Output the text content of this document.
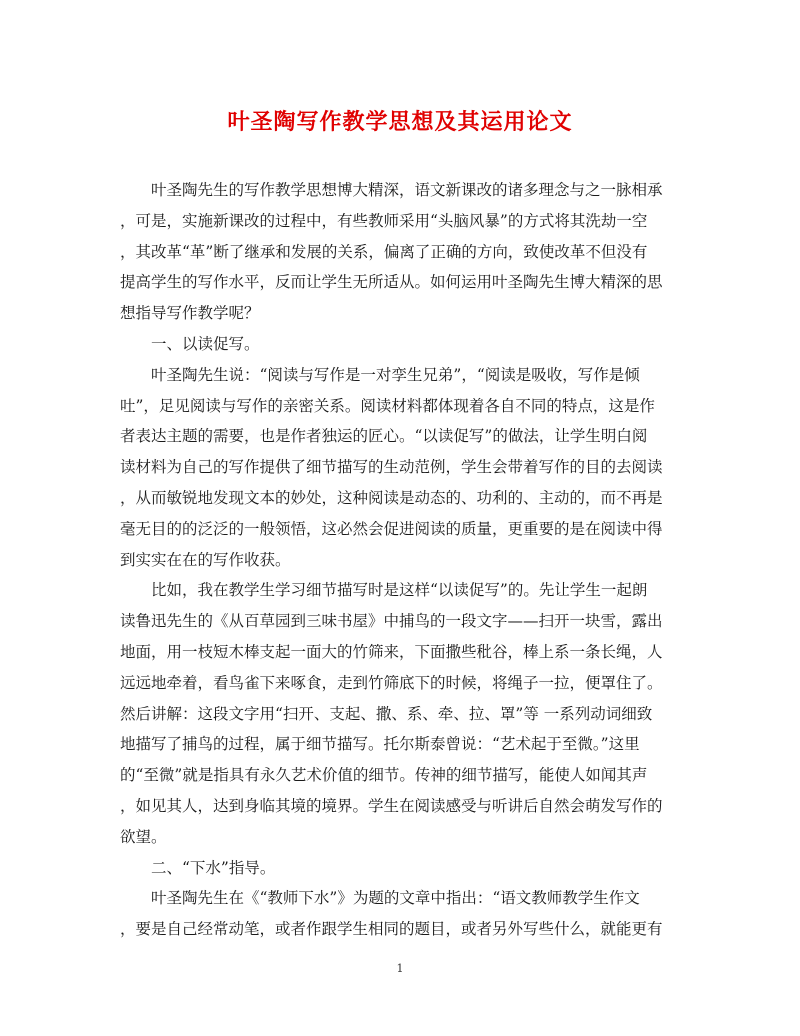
叶圣陶写作教学思想及其运用论文
叶圣陶先生的写作教学思想博大精深，语文新课改的诸多理念与之一脉相承
，可是，实施新课改的过程中，有些教师采用“头脑风暴”的方式将其洗劫一空
，其改革“革”断了继承和发展的关系，偏离了正确的方向，致使改革不但没有
提高学生的写作水平，反而让学生无所适从。如何运用叶圣陶先生博大精深的思
想指导写作教学呢？
一、以读促写。
叶圣陶先生说：“阅读与写作是一对孪生兄弟”，“阅读是吸收，写作是倾
吐”，足见阅读与写作的亲密关系。阅读材料都体现着各自不同的特点，这是作
者表达主题的需要，也是作者独运的匠心。“以读促写”的做法，让学生明白阅
读材料为自己的写作提供了细节描写的生动范例，学生会带着写作的目的去阅读
，从而敏锐地发现文本的妙处，这种阅读是动态的、功利的、主动的，而不再是
毫无目的的泛泛的一般领悟，这必然会促进阅读的质量，更重要的是在阅读中得
到实实在在的写作收获。
比如，我在教学生学习细节描写时是这样“以读促写”的。先让学生一起朗
读鲁迅先生的《从百草园到三味书屋》中捕鸟的一段文字——扫开一块雪，露出
地面，用一枝短木棒支起一面大的竹筛来，下面撒些秕谷，棒上系一条长绳，人
远远地牵着，看鸟雀下来啄食，走到竹筛底下的时候，将绳子一拉，便罩住了。
然后讲解：这段文字用“扫开、支起、撒、系、牵、拉、罩”等 一系列动词细致
地描写了捕鸟的过程，属于细节描写。托尔斯泰曾说：“艺术起于至微。”这里
的“至微”就是指具有永久艺术价值的细节。传神的细节描写，能使人如闻其声
，如见其人，达到身临其境的境界。学生在阅读感受与听讲后自然会萌发写作的
欲望。
二、“下水”指导。
叶圣陶先生在《“教师下水”》为题的文章中指出：“语文教师教学生作文
，要是自己经常动笔，或者作跟学生相同的题目，或者另外写些什么，就能更有
1
